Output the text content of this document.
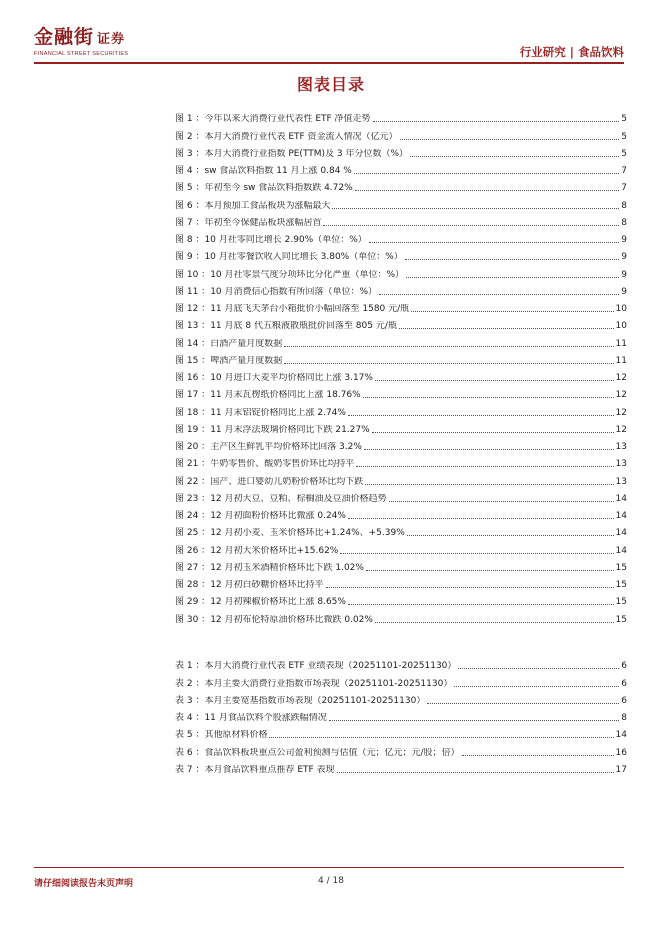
金融街 证券
FINANCIAL STREET SECURITIES	行业研究 | 食品饮料
图表目录
图 1 ： 今年以来大消费行业代表性 ETF 净值走势	5
图 2 ： 本月大消费行业代表 ETF 资金流入情况（亿元）	5
图 3 ： 本月大消费行业指数 PE(TTM)及 3 年分位数（%）	5
图 4 ： sw 食品饮料指数 11 月上涨 0.84 %	7
图 5 ： 年初至今 sw 食品饮料指数跌 4.72%	7
图 6 ： 本月预加工食品板块为涨幅最大	8
图 7 ： 年初至今保健品板块涨幅居首	8
图 8 ： 10 月社零同比增长 2.90%（单位：%）	9
图 9 ： 10 月社零餐饮收入同比增长 3.80%（单位：%）	9
图 10 ： 10 月社零景气度分项环比分化严重（单位：%）	9
图 11 ： 10 月消费信心指数有所回落（单位：%）	9
图 12 ： 11 月底飞天茅台小箱批价小幅回落至 1580 元/瓶	10
图 13 ： 11 月底 8 代五粮液散瓶批价回落至 805 元/瓶	10
图 14 ： 白酒产量月度数据	11
图 15 ： 啤酒产量月度数据	11
图 16 ： 10 月进口大麦平均价格同比上涨 3.17%	12
图 17 ： 11 月末瓦楞纸价格同比上涨 18.76%	12
图 18 ： 11 月末铝锭价格同比上涨 2.74%	12
图 19 ： 11 月末浮法玻璃价格同比下跌 21.27%	12
图 20 ： 主产区生鲜乳平均价格环比回落 3.2%	13
图 21 ： 牛奶零售价、酸奶零售价环比均持平	13
图 22 ： 国产、进口婴幼儿奶粉价格环比均下跌	13
图 23 ： 12 月初大豆、豆粕、棕榈油及豆油价格趋势	14
图 24 ： 12 月初面粉价格环比微涨 0.24%	14
图 25 ： 12 月初小麦、玉米价格环比+1.24%、+5.39%	14
图 26 ： 12 月初大米价格环比+15.62%	14
图 27 ： 12 月初玉米酒精价格环比下跌 1.02%	15
图 28 ： 12 月初白砂糖价格环比持平	15
图 29 ： 12 月初辣椒价格环比上涨 8.65%	15
图 30 ： 12 月初布伦特原油价格环比微跌 0.02%	15
表 1 ： 本月大消费行业代表 ETF 业绩表现（20251101-20251130）	6
表 2 ： 本月主要大消费行业指数市场表现（20251101-20251130）	6
表 3 ： 本月主要宽基指数市场表现（20251101-20251130）	6
表 4 ： 11 月食品饮料个股涨跌幅情况	8
表 5 ： 其他原材料价格	14
表 6 ： 食品饮料板块重点公司盈利预测与估值（元；亿元；元/股；倍）	16
表 7 ： 本月食品饮料重点推荐 ETF 表现	17
请仔细阅读报告末页声明	4 / 18
